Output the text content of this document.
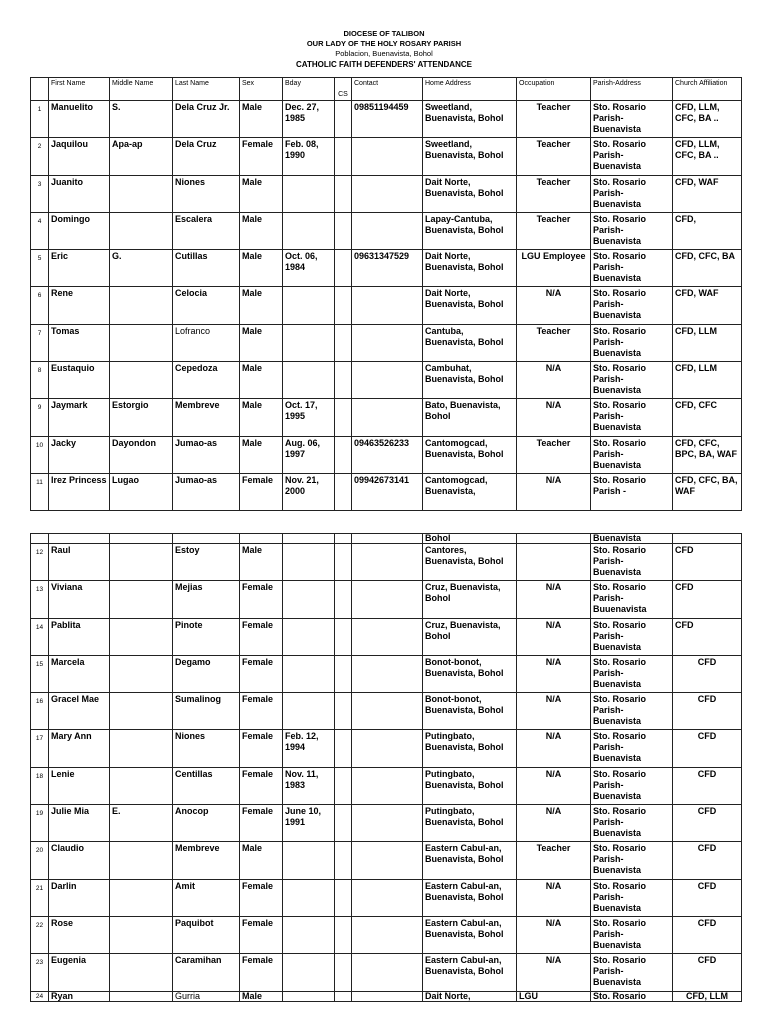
DIOCESE OF TALIBON
OUR LADY OF THE HOLY ROSARY PARISH
Poblacion, Buenavista, Bohol
CATHOLIC FAITH DEFENDERS' ATTENDANCE
	First Name	Middle Name	Last Name	Sex	Bday	CS	Contact	Home Address	Occupation	Parish-Address	Church Affiliation
1	Manuelito	S.	Dela Cruz Jr.	Male	Dec. 27, 1985		09851194459	Sweetland, Buenavista, Bohol	Teacher	Sto. Rosario Parish-Buenavista	CFD, LLM, CFC, BA ..
2	Jaquilou	Apa-ap	Dela Cruz	Female	Feb. 08, 1990			Sweetland, Buenavista, Bohol	Teacher	Sto. Rosario Parish-Buenavista	CFD, LLM, CFC, BA ..
3	Juanito		Niones	Male				Dait Norte, Buenavista, Bohol	Teacher	Sto. Rosario Parish-Buenavista	CFD, WAF
4	Domingo		Escalera	Male				Lapay-Cantuba, Buenavista, Bohol	Teacher	Sto. Rosario Parish-Buenavista	CFD,
5	Eric	G.	Cutillas	Male	Oct. 06, 1984		09631347529	Dait Norte, Buenavista, Bohol	LGU Employee	Sto. Rosario Parish-Buenavista	CFD, CFC, BA
6	Rene		Celocia	Male				Dait Norte, Buenavista, Bohol	N/A	Sto. Rosario Parish-Buenavista	CFD, WAF
7	Tomas		Lofranco	Male				Cantuba, Buenavista, Bohol	Teacher	Sto. Rosario Parish-Buenavista	CFD, LLM
8	Eustaquio		Cepedoza	Male				Cambuhat, Buenavista, Bohol	N/A	Sto. Rosario Parish-Buenavista	CFD, LLM
9	Jaymark	Estorgio	Membreve	Male	Oct. 17, 1995			Bato, Buenavista, Bohol	N/A	Sto. Rosario Parish-Buenavista	CFD, CFC
10	Jacky	Dayondon	Jumao-as	Male	Aug. 06, 1997		09463526233	Cantomogcad, Buenavista, Bohol	Teacher	Sto. Rosario Parish-Buenavista	CFD, CFC, BPC, BA, WAF
11	Irez Princess	Lugao	Jumao-as	Female	Nov. 21, 2000		09942673141	Cantomogcad, Buenavista,	N/A	Sto. Rosario Parish -	CFD, CFC, BA, WAF
								Bohol		Buenavista	
12	Raul		Estoy	Male				Cantores, Buenavista, Bohol		Sto. Rosario Parish-Buenavista	CFD
13	Viviana		Mejias	Female				Cruz, Buenavista, Bohol	N/A	Sto. Rosario Parish-Buuenavista	CFD
14	Pablita		Pinote	Female				Cruz, Buenavista, Bohol	N/A	Sto. Rosario Parish-Buenavista	CFD
15	Marcela		Degamo	Female				Bonot-bonot, Buenavista, Bohol	N/A	Sto. Rosario Parish-Buenavista	CFD
16	Gracel Mae		Sumalinog	Female				Bonot-bonot, Buenavista, Bohol	N/A	Sto. Rosario Parish-Buenavista	CFD
17	Mary Ann		Niones	Female	Feb. 12, 1994			Putingbato, Buenavista, Bohol	N/A	Sto. Rosario Parish-Buenavista	CFD
18	Lenie		Centillas	Female	Nov. 11, 1983			Putingbato, Buenavista, Bohol	N/A	Sto. Rosario Parish-Buenavista	CFD
19	Julie Mia	E.	Anocop	Female	June 10, 1991			Putingbato, Buenavista, Bohol	N/A	Sto. Rosario Parish-Buenavista	CFD
20	Claudio		Membreve	Male				Eastern Cabul-an, Buenavista, Bohol	Teacher	Sto. Rosario Parish-Buenavista	CFD
21	Darlin		Amit	Female				Eastern Cabul-an, Buenavista, Bohol	N/A	Sto. Rosario Parish-Buenavista	CFD
22	Rose		Paquibot	Female				Eastern Cabul-an, Buenavista, Bohol	N/A	Sto. Rosario Parish-Buenavista	CFD
23	Eugenia		Caramihan	Female				Eastern Cabul-an, Buenavista, Bohol	N/A	Sto. Rosario Parish-Buenavista	CFD
24	Ryan		Gurria	Male				Dait Norte,	LGU	Sto. Rosario	CFD, LLM
